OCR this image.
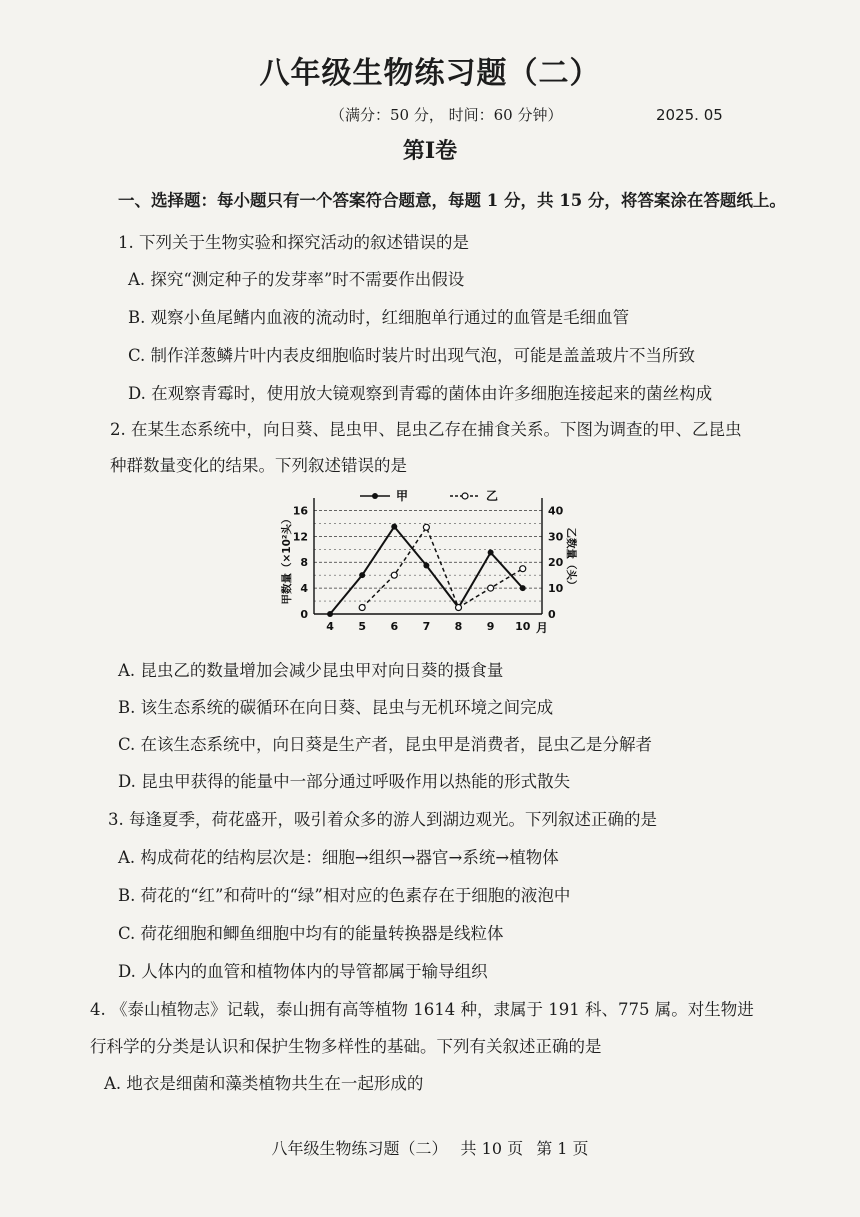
八年级生物练习题（二）
（满分：50 分， 时间：60 分钟）	2025. 05
第Ⅰ卷
一、选择题：每小题只有一个答案符合题意，每题 1 分，共 15 分，将答案涂在答题纸上。
1. 下列关于生物实验和探究活动的叙述错误的是
A. 探究“测定种子的发芽率”时不需要作出假设
B. 观察小鱼尾鳍内血液的流动时，红细胞单行通过的血管是毛细血管
C. 制作洋葱鳞片叶内表皮细胞临时装片时出现气泡，可能是盖盖玻片不当所致
D. 在观察青霉时，使用放大镜观察到青霉的菌体由许多细胞连接起来的菌丝构成
2. 在某生态系统中，向日葵、昆虫甲、昆虫乙存在捕食关系。下图为调查的甲、乙昆虫
种群数量变化的结果。下列叙述错误的是
0
4
8
12
16
0
10
20
30
40
4 5 6 7 8 9 10 月
甲数量（×10²头）	乙数量（头）
甲	乙
A. 昆虫乙的数量增加会减少昆虫甲对向日葵的摄食量
B. 该生态系统的碳循环在向日葵、昆虫与无机环境之间完成
C. 在该生态系统中，向日葵是生产者，昆虫甲是消费者，昆虫乙是分解者
D. 昆虫甲获得的能量中一部分通过呼吸作用以热能的形式散失
3. 每逢夏季，荷花盛开，吸引着众多的游人到湖边观光。下列叙述正确的是
A. 构成荷花的结构层次是：细胞→组织→器官→系统→植物体
B. 荷花的“红”和荷叶的“绿”相对应的色素存在于细胞的液泡中
C. 荷花细胞和鲫鱼细胞中均有的能量转换器是线粒体
D. 人体内的血管和植物体内的导管都属于输导组织
4. 《泰山植物志》记载，泰山拥有高等植物 1614 种，隶属于 191 科、775 属。对生物进
行科学的分类是认识和保护生物多样性的基础。下列有关叙述正确的是
A. 地衣是细菌和藻类植物共生在一起形成的
八年级生物练习题（二） 共 10 页 第 1 页
